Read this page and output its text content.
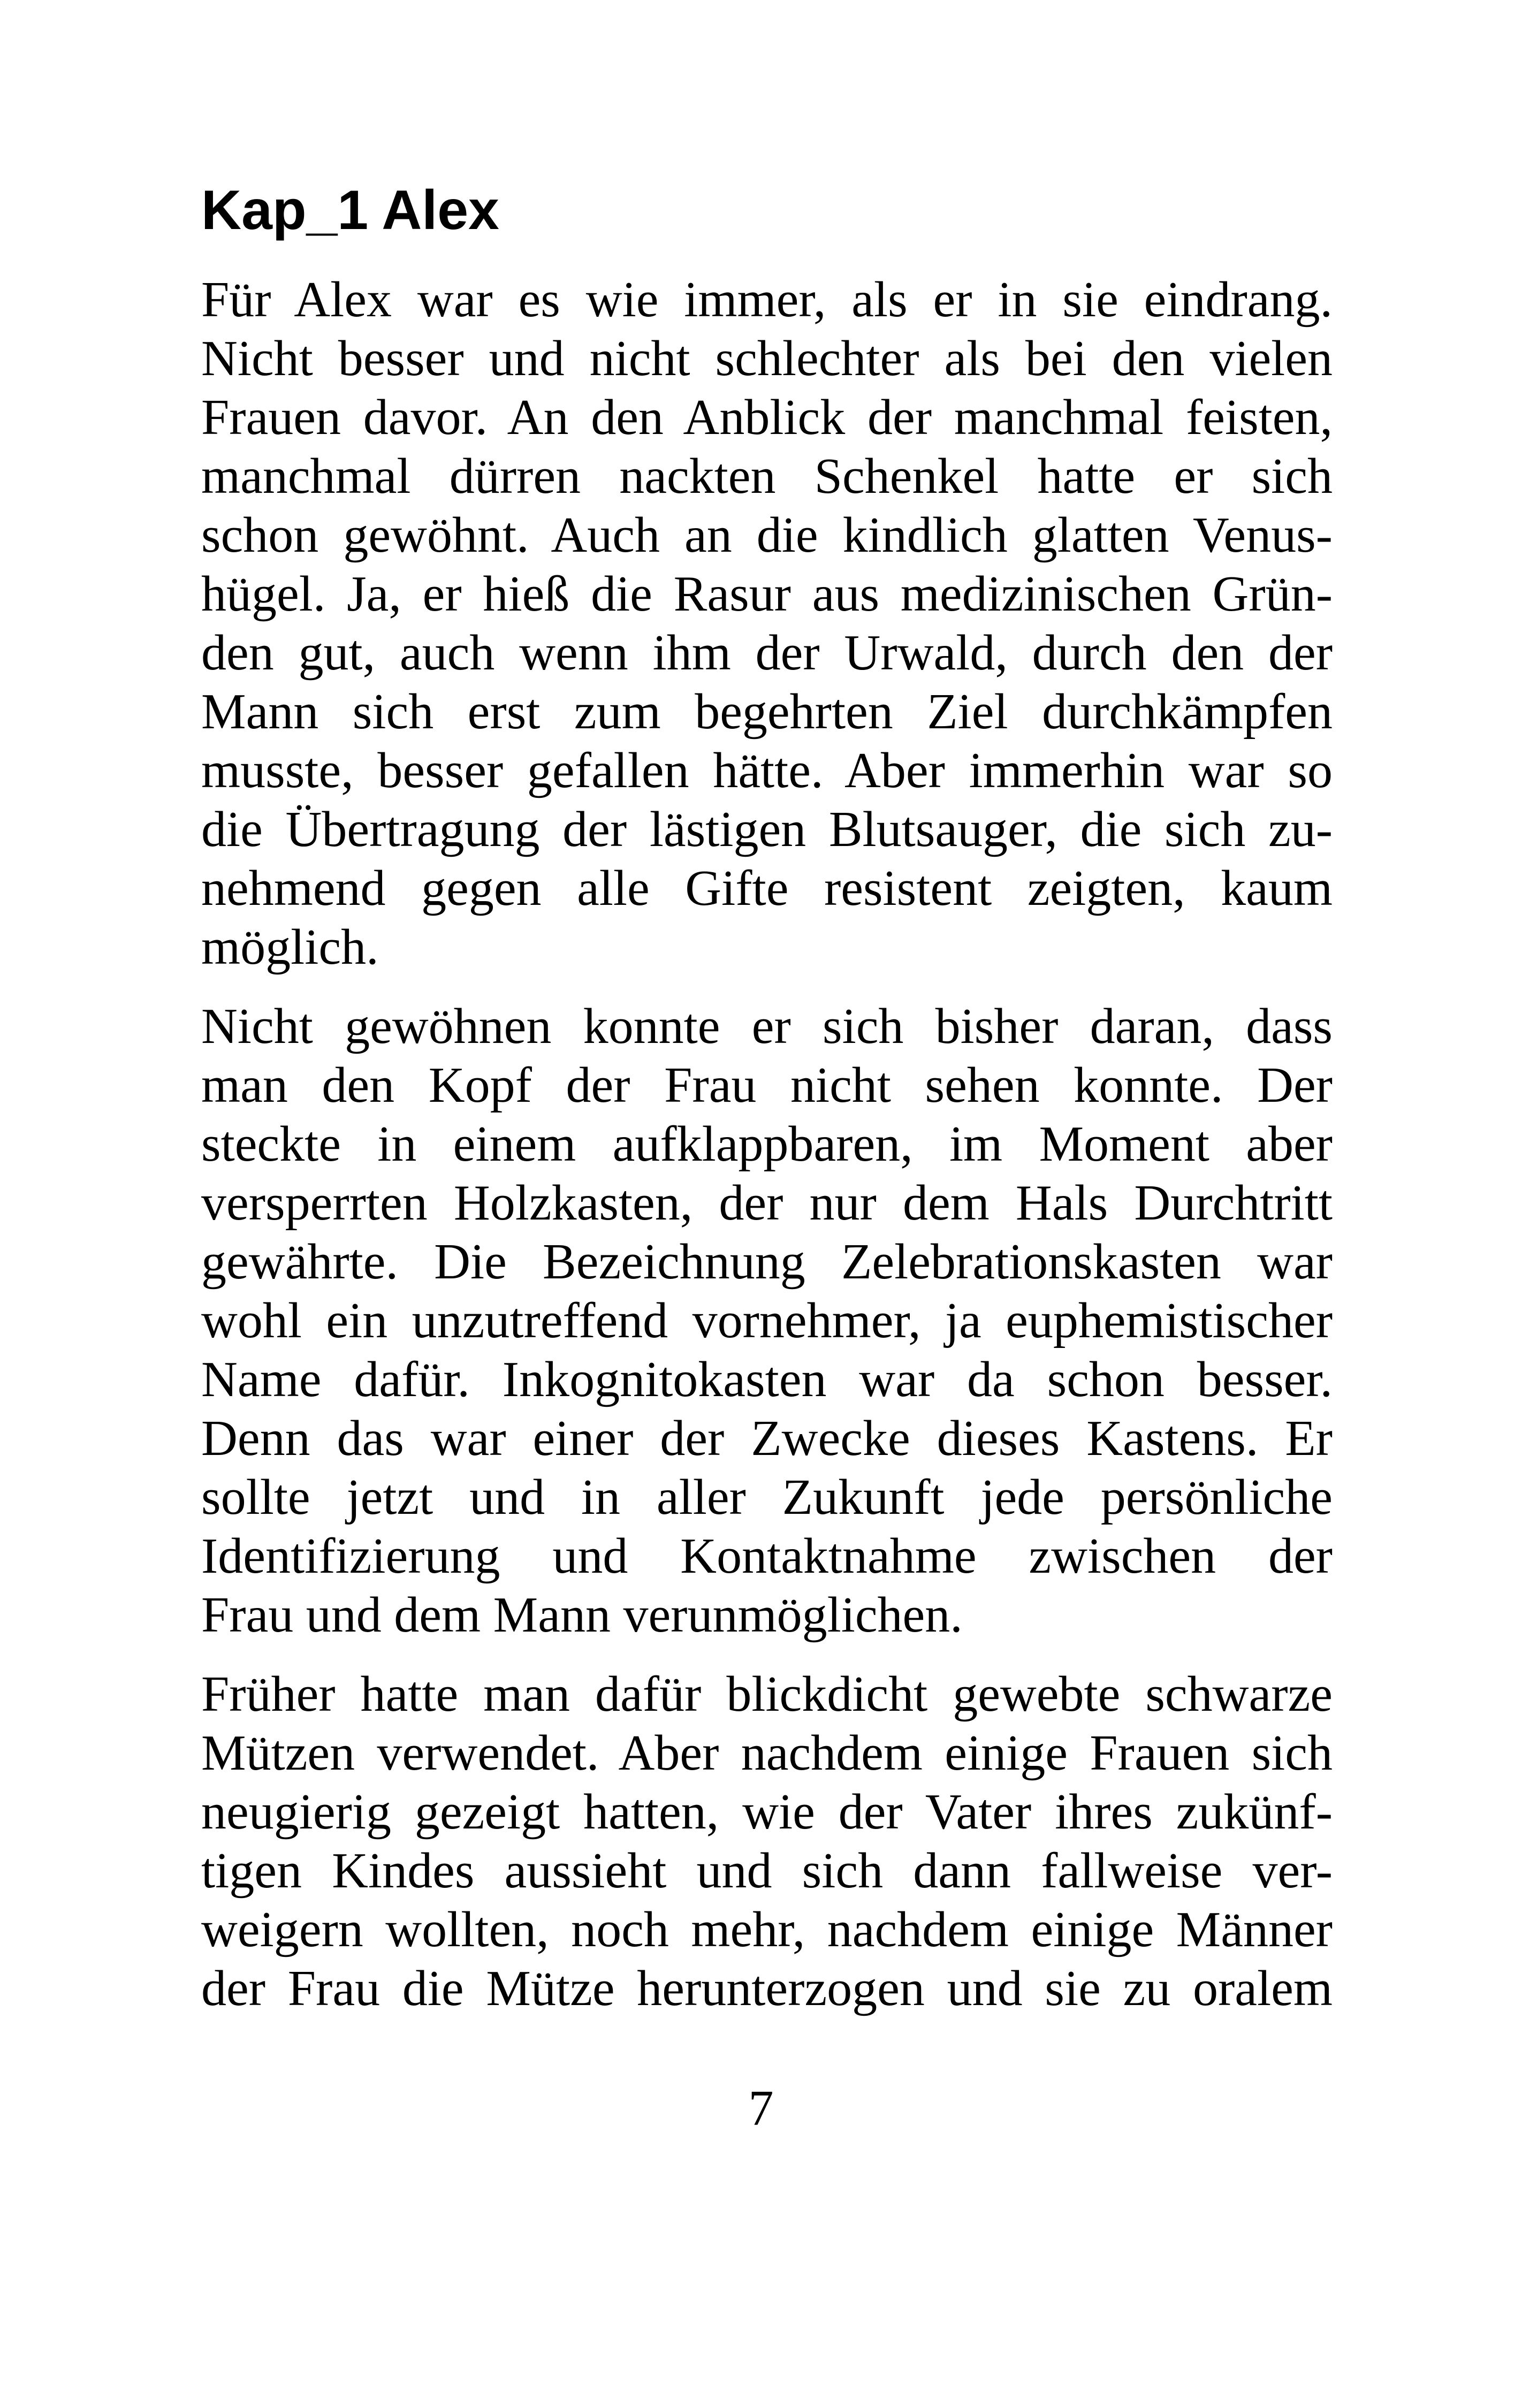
Kap_1 Alex
Für Alex war es wie immer, als er in sie eindrang.
Nicht besser und nicht schlechter als bei den vielen
Frauen davor. An den Anblick der manchmal feisten,
manchmal dürren nackten Schenkel hatte er sich
schon gewöhnt. Auch an die kindlich glatten Venus-
hügel. Ja, er hieß die Rasur aus medizinischen Grün-
den gut, auch wenn ihm der Urwald, durch den der
Mann sich erst zum begehrten Ziel durchkämpfen
musste, besser gefallen hätte. Aber immerhin war so
die Übertragung der lästigen Blutsauger, die sich zu-
nehmend gegen alle Gifte resistent zeigten, kaum
möglich.
Nicht gewöhnen konnte er sich bisher daran, dass
man den Kopf der Frau nicht sehen konnte. Der
steckte in einem aufklappbaren, im Moment aber
versperrten Holzkasten, der nur dem Hals Durchtritt
gewährte. Die Bezeichnung Zelebrationskasten war
wohl ein unzutreffend vornehmer, ja euphemistischer
Name dafür. Inkognitokasten war da schon besser.
Denn das war einer der Zwecke dieses Kastens. Er
sollte jetzt und in aller Zukunft jede persönliche
Identifizierung und Kontaktnahme zwischen der
Frau und dem Mann verunmöglichen.
Früher hatte man dafür blickdicht gewebte schwarze
Mützen verwendet. Aber nachdem einige Frauen sich
neugierig gezeigt hatten, wie der Vater ihres zukünf-
tigen Kindes aussieht und sich dann fallweise ver-
weigern wollten, noch mehr, nachdem einige Männer
der Frau die Mütze herunterzogen und sie zu oralem
7
